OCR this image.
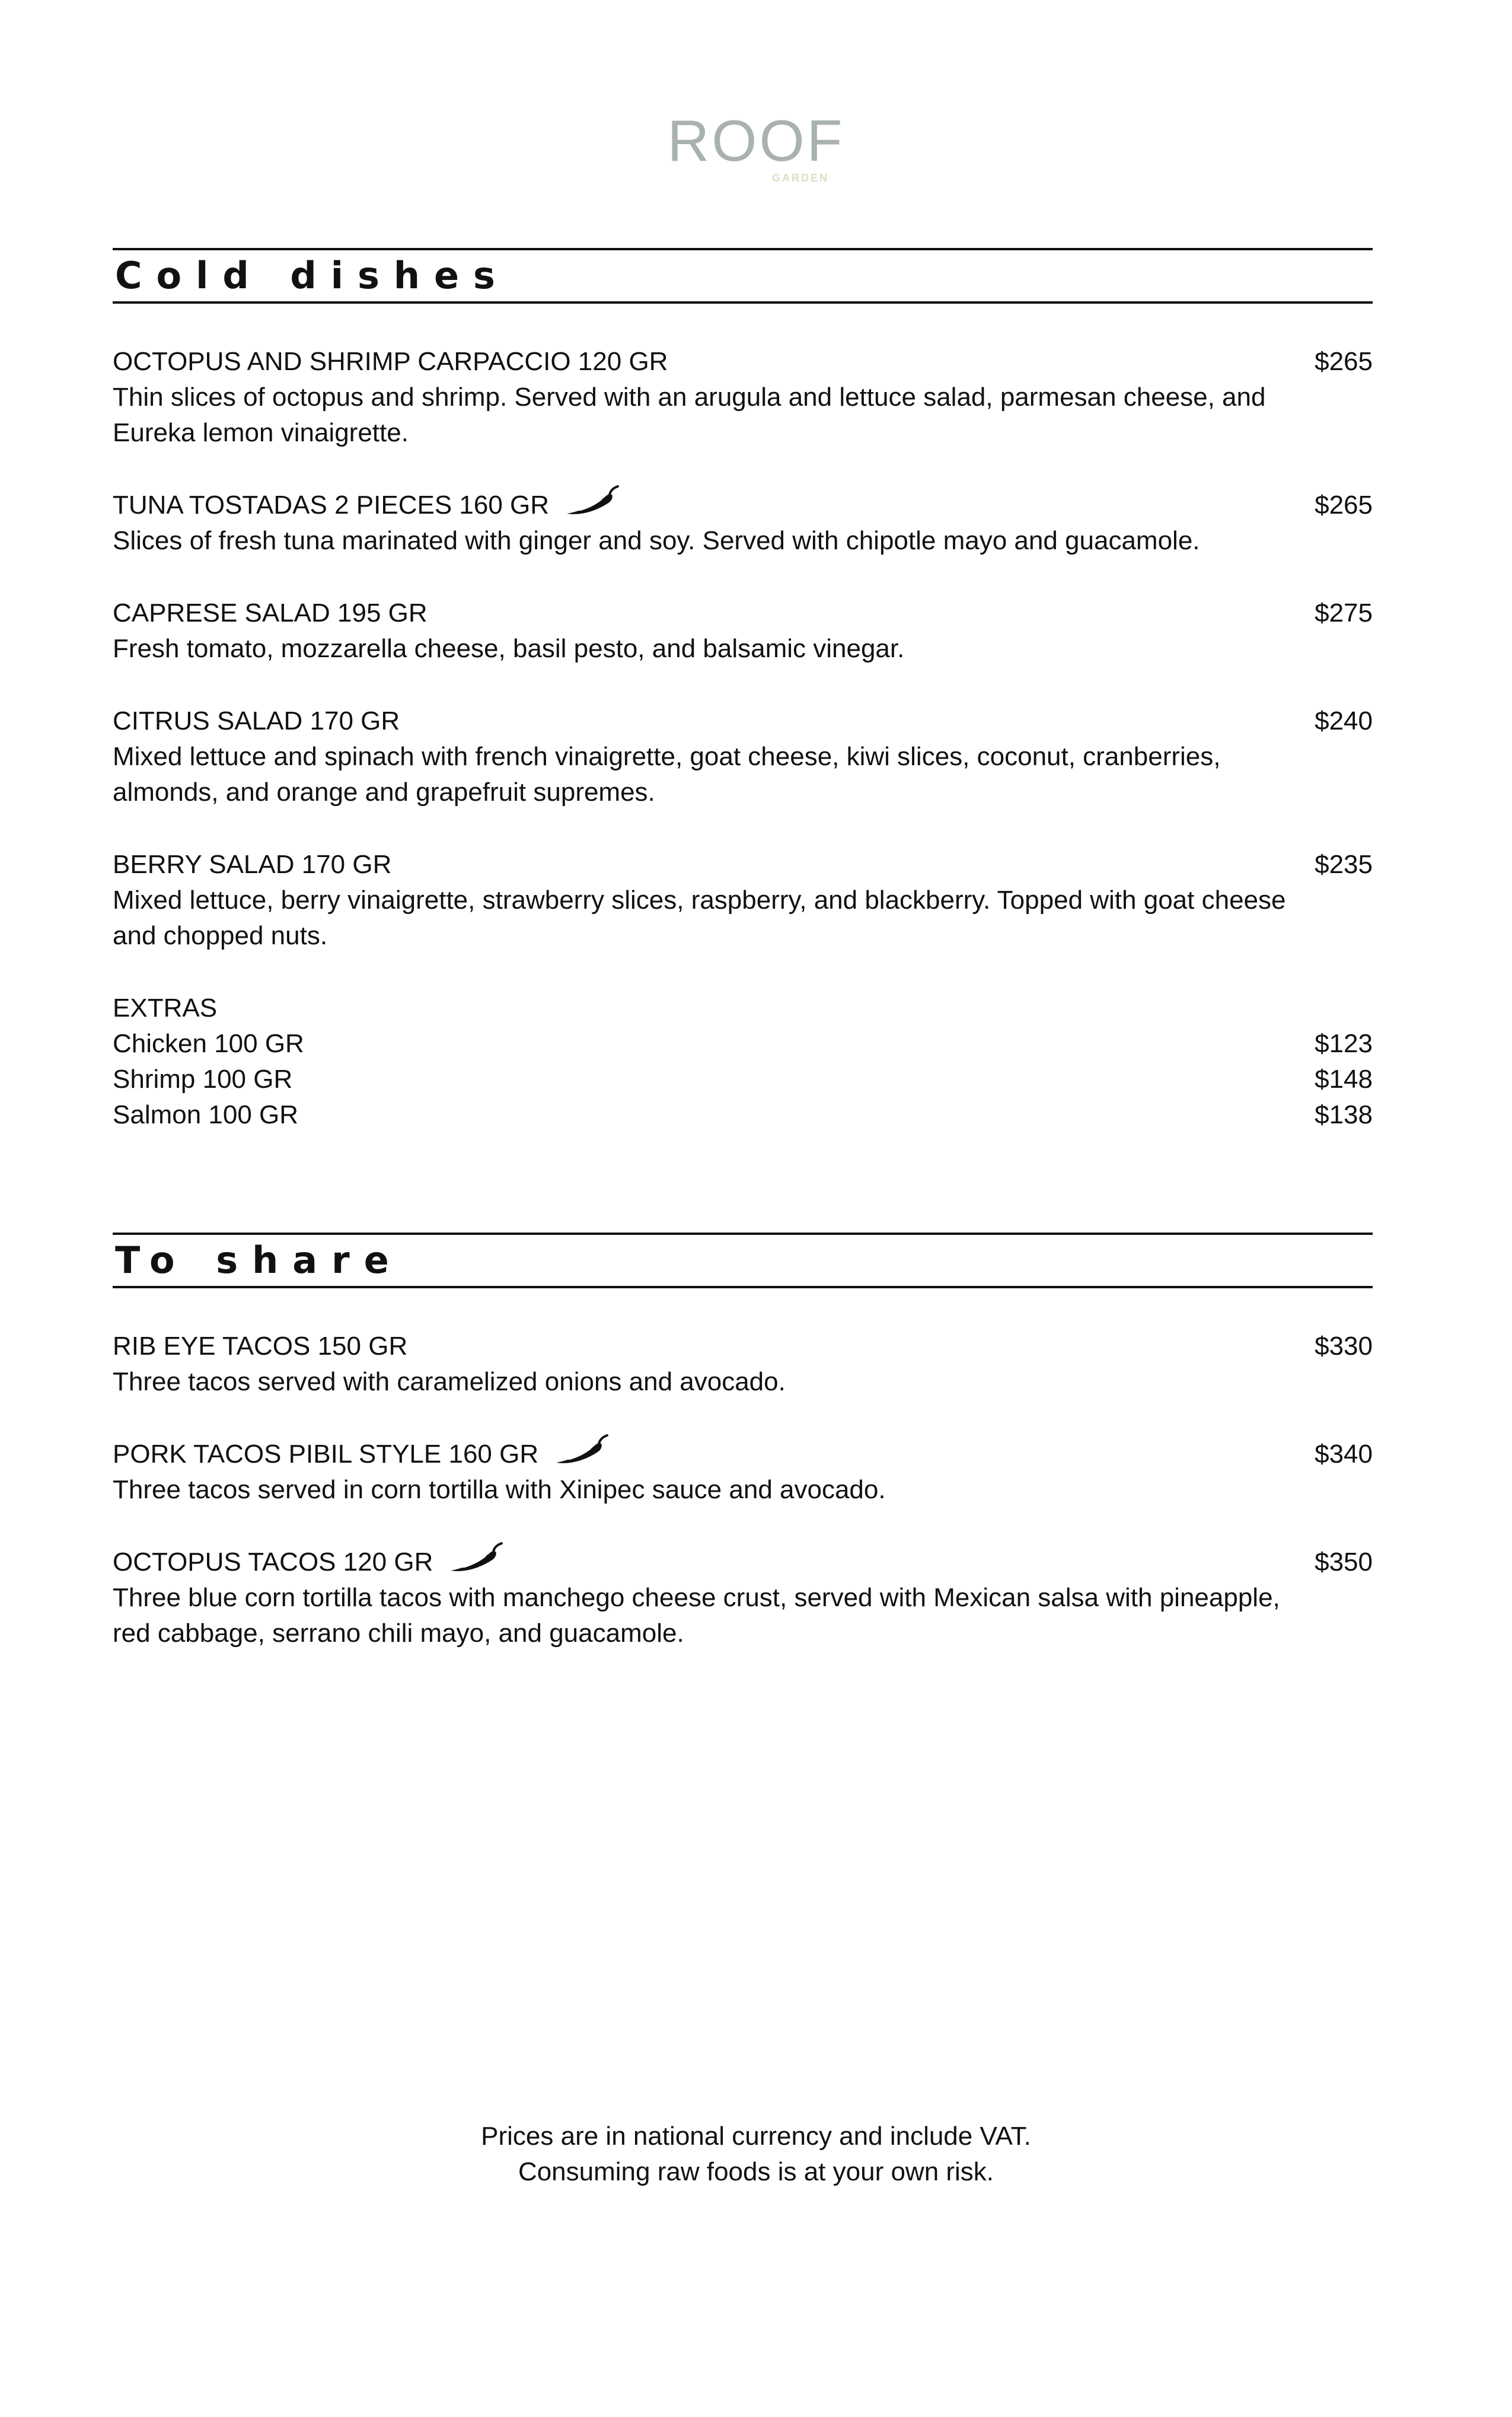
ROOF
GARDEN
Cold dishes
OCTOPUS AND SHRIMP CARPACCIO 120 GR	$265
Thin slices of octopus and shrimp. Served with an arugula and lettuce salad, parmesan cheese, and Eureka lemon vinaigrette.
TUNA TOSTADAS 2 PIECES 160 GR	$265
Slices of fresh tuna marinated with ginger and soy. Served with chipotle mayo and guacamole.
CAPRESE SALAD 195 GR	$275
Fresh tomato, mozzarella cheese, basil pesto, and balsamic vinegar.
CITRUS SALAD 170 GR	$240
Mixed lettuce and spinach with french vinaigrette, goat cheese, kiwi slices, coconut, cranberries, almonds, and orange and grapefruit supremes.
BERRY SALAD 170 GR	$235
Mixed lettuce, berry vinaigrette, strawberry slices, raspberry, and blackberry. Topped with goat cheese and chopped nuts.
EXTRAS
Chicken 100 GR	$123
Shrimp 100 GR	$148
Salmon 100 GR	$138
To share
RIB EYE TACOS 150 GR	$330
Three tacos served with caramelized onions and avocado.
PORK TACOS PIBIL STYLE 160 GR	$340
Three tacos served in corn tortilla with Xinipec sauce and avocado.
OCTOPUS TACOS 120 GR	$350
Three blue corn tortilla tacos with manchego cheese crust, served with Mexican salsa with pineapple, red cabbage, serrano chili mayo, and guacamole.
Prices are in national currency and include VAT.
Consuming raw foods is at your own risk.
